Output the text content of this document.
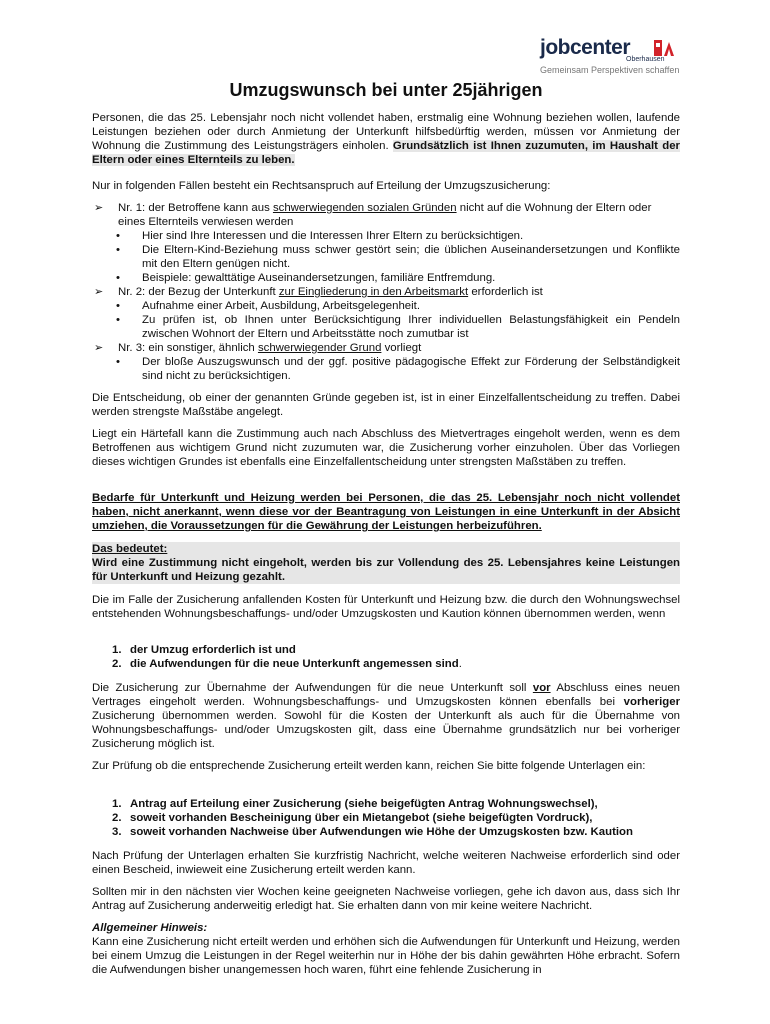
jobcenter
Oberhausen
Gemeinsam Perspektiven schaffen
Umzugswunsch bei unter 25jährigen

Personen, die das 25. Lebensjahr noch nicht vollendet haben, erstmalig eine Wohnung beziehen wollen, laufende Leistungen beziehen oder durch Anmietung der Unterkunft hilfsbedürftig werden, müssen vor Anmietung der Wohnung die Zustimmung des Leistungsträgers einholen. Grundsätzlich ist Ihnen zuzumuten, im Haushalt der Eltern oder eines Elternteils zu leben.

Nur in folgenden Fällen besteht ein Rechtsanspruch auf Erteilung der Umzugszusicherung:

➢ Nr. 1: der Betroffene kann aus schwerwiegenden sozialen Gründen nicht auf die Wohnung der Eltern oder eines Elternteils verwiesen werden
• Hier sind Ihre Interessen und die Interessen Ihrer Eltern zu berücksichtigen.
• Die Eltern-Kind-Beziehung muss schwer gestört sein; die üblichen Auseinandersetzungen und Konflikte mit den Eltern genügen nicht.
• Beispiele: gewalttätige Auseinandersetzungen, familiäre Entfremdung.
➢ Nr. 2: der Bezug der Unterkunft zur Eingliederung in den Arbeitsmarkt erforderlich ist
• Aufnahme einer Arbeit, Ausbildung, Arbeitsgelegenheit.
• Zu prüfen ist, ob Ihnen unter Berücksichtigung Ihrer individuellen Belastungsfähigkeit ein Pendeln zwischen Wohnort der Eltern und Arbeitsstätte noch zumutbar ist
➢ Nr. 3: ein sonstiger, ähnlich schwerwiegender Grund vorliegt
• Der bloße Auszugswunsch und der ggf. positive pädagogische Effekt zur Förderung der Selbständigkeit sind nicht zu berücksichtigen.

Die Entscheidung, ob einer der genannten Gründe gegeben ist, ist in einer Einzelfallentscheidung zu treffen. Dabei werden strengste Maßstäbe angelegt.

Liegt ein Härtefall kann die Zustimmung auch nach Abschluss des Mietvertrages eingeholt werden, wenn es dem Betroffenen aus wichtigem Grund nicht zuzumuten war, die Zusicherung vorher einzuholen. Über das Vorliegen dieses wichtigen Grundes ist ebenfalls eine Einzelfallentscheidung unter strengsten Maßstäben zu treffen.

Bedarfe für Unterkunft und Heizung werden bei Personen, die das 25. Lebensjahr noch nicht vollendet haben, nicht anerkannt, wenn diese vor der Beantragung von Leistungen in eine Unterkunft in der Absicht umziehen, die Voraussetzungen für die Gewährung der Leistungen herbeizuführen.

Das bedeutet:
Wird eine Zustimmung nicht eingeholt, werden bis zur Vollendung des 25. Lebensjahres keine Leistungen für Unterkunft und Heizung gezahlt.

Die im Falle der Zusicherung anfallenden Kosten für Unterkunft und Heizung bzw. die durch den Wohnungswechsel entstehenden Wohnungsbeschaffungs- und/oder Umzugskosten und Kaution können übernommen werden, wenn

1. der Umzug erforderlich ist und
2. die Aufwendungen für die neue Unterkunft angemessen sind.

Die Zusicherung zur Übernahme der Aufwendungen für die neue Unterkunft soll vor Abschluss eines neuen Vertrages eingeholt werden. Wohnungsbeschaffungs- und Umzugskosten können ebenfalls bei vorheriger Zusicherung übernommen werden. Sowohl für die Kosten der Unterkunft als auch für die Übernahme von Wohnungsbeschaffungs- und/oder Umzugskosten gilt, dass eine Übernahme grundsätzlich nur bei vorheriger Zusicherung möglich ist.

Zur Prüfung ob die entsprechende Zusicherung erteilt werden kann, reichen Sie bitte folgende Unterlagen ein:

1. Antrag auf Erteilung einer Zusicherung (siehe beigefügten Antrag Wohnungswechsel),
2. soweit vorhanden Bescheinigung über ein Mietangebot (siehe beigefügten Vordruck),
3. soweit vorhanden Nachweise über Aufwendungen wie Höhe der Umzugskosten bzw. Kaution

Nach Prüfung der Unterlagen erhalten Sie kurzfristig Nachricht, welche weiteren Nachweise erforderlich sind oder einen Bescheid, inwieweit eine Zusicherung erteilt werden kann.

Sollten mir in den nächsten vier Wochen keine geeigneten Nachweise vorliegen, gehe ich davon aus, dass sich Ihr Antrag auf Zusicherung anderweitig erledigt hat. Sie erhalten dann von mir keine weitere Nachricht.

Allgemeiner Hinweis:
Kann eine Zusicherung nicht erteilt werden und erhöhen sich die Aufwendungen für Unterkunft und Heizung, werden bei einem Umzug die Leistungen in der Regel weiterhin nur in Höhe der bis dahin gewährten Höhe erbracht. Sofern die Aufwendungen bisher unangemessen hoch waren, führt eine fehlende Zusicherung in
